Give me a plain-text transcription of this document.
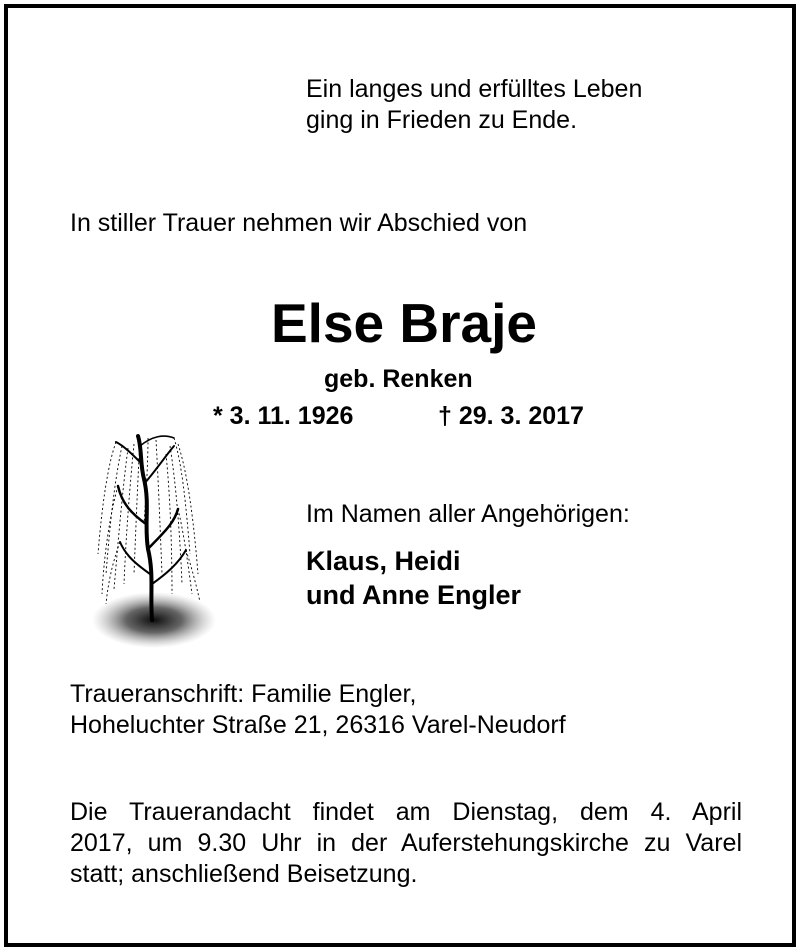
Ein langes und erfülltes Leben
ging in Frieden zu Ende.
In stiller Trauer nehmen wir Abschied von
Else Braje
geb. Renken
* 3. 11. 1926	† 29. 3. 2017
Im Namen aller Angehörigen:
Klaus, Heidi
und Anne Engler
Traueranschrift: Familie Engler,
Hoheluchter Straße 21, 26316 Varel-Neudorf
Die Trauerandacht findet am Dienstag, dem 4. April
2017, um 9.30 Uhr in der Auferstehungskirche zu Varel
statt; anschließend Beisetzung.
